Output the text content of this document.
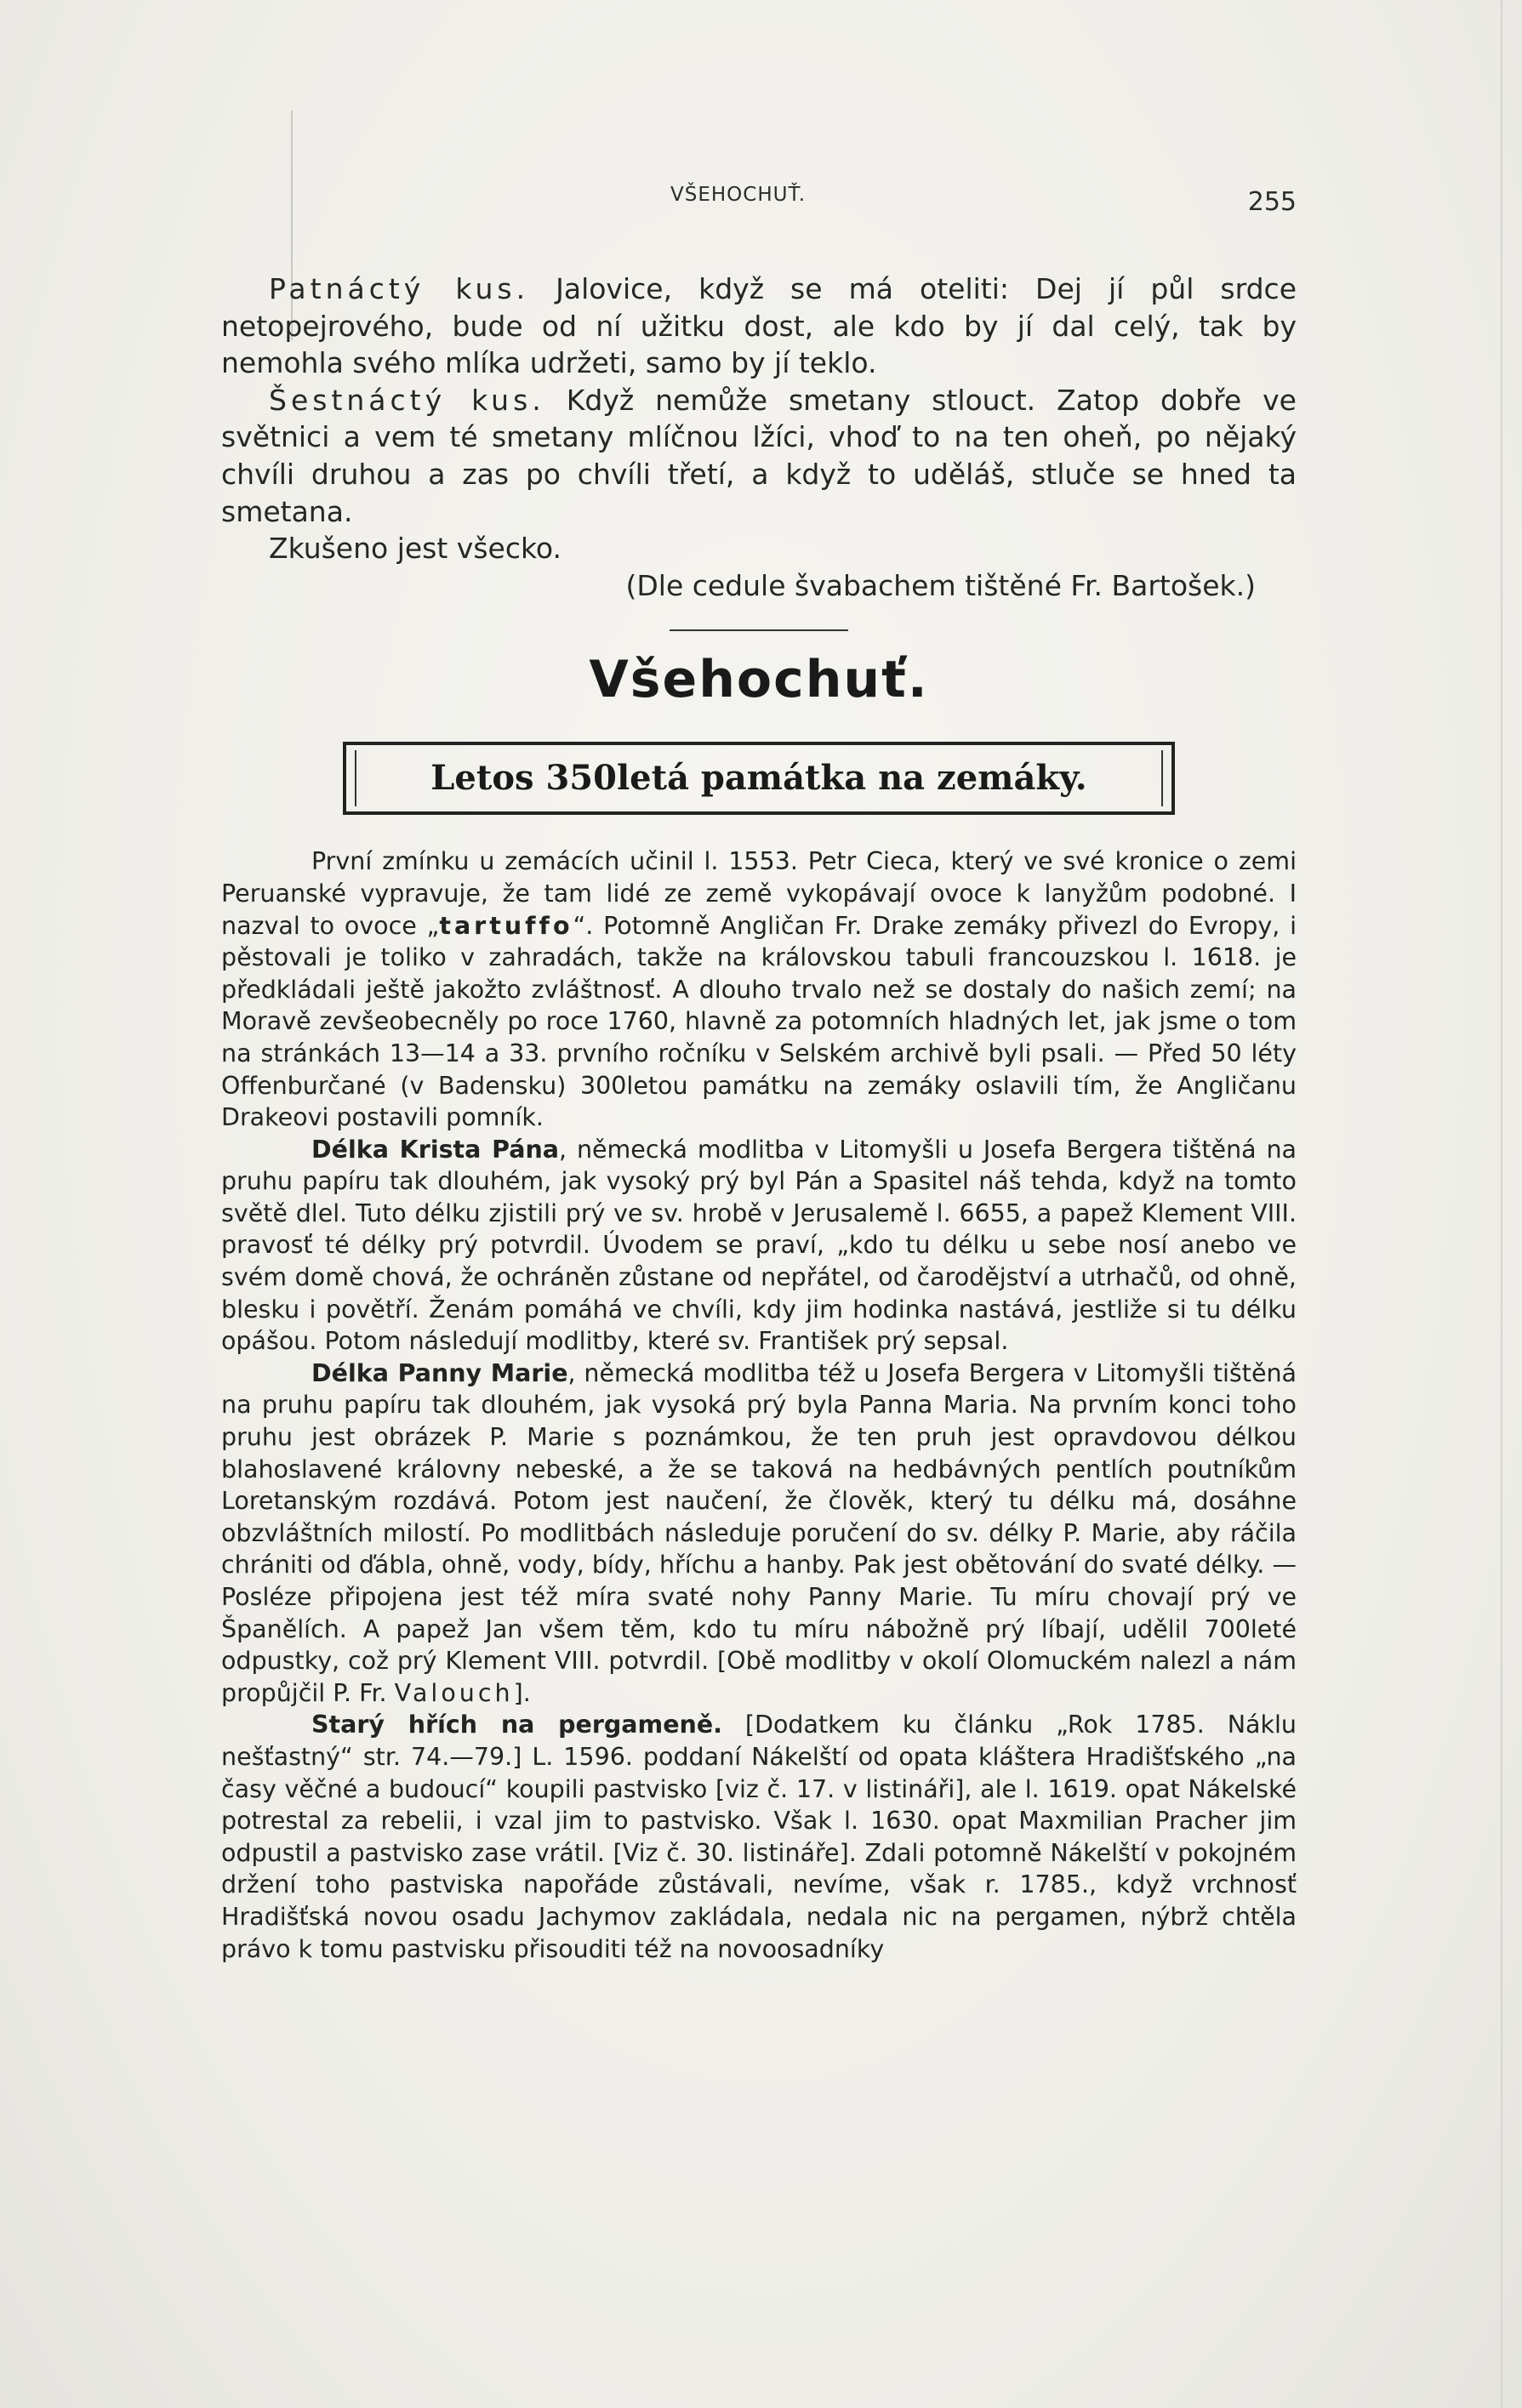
VŠEHOCHUŤ.	255

Patnáctý kus. Jalovice, když se má oteliti: Dej jí půl srdce netopejrového, bude od ní užitku dost, ale kdo by jí dal celý, tak by nemohla svého mlíka udržeti, samo by jí teklo.
Šestnáctý kus. Když nemůže smetany stlouct. Zatop dobře ve světnici a vem té smetany mlíčnou lžíci, vhoď to na ten oheň, po nějaký chvíli druhou a zas po chvíli třetí, a když to uděláš, stluče se hned ta smetana.
Zkušeno jest všecko.
(Dle cedule švabachem tištěné Fr. Bartošek.)

Všehochuť.
Letos 350letá památka na zemáky.

První zmínku u zemácích učinil l. 1553. Petr Cieca, který ve své kronice o zemi Peruanské vypravuje, že tam lidé ze země vykopávají ovoce k lanyžům podobné. I nazval to ovoce „tartuffo“. Potomně Angličan Fr. Drake zemáky přivezl do Evropy, i pěstovali je toliko v zahradách, takže na královskou tabuli francouzskou l. 1618. je předkládali ještě jakožto zvláštnosť. A dlouho trvalo než se dostaly do našich zemí; na Moravě zevšeobecněly po roce 1760, hlavně za potomních hladných let, jak jsme o tom na stránkách 13—14 a 33. prvního ročníku v Selském archivě byli psali. — Před 50 léty Offenburčané (v Badensku) 300letou památku na zemáky oslavili tím, že Angličanu Drakeovi postavili pomník.
Délka Krista Pána, německá modlitba v Litomyšli u Josefa Bergera tištěná na pruhu papíru tak dlouhém, jak vysoký prý byl Pán a Spasitel náš tehda, když na tomto světě dlel. Tuto délku zjistili prý ve sv. hrobě v Jerusalemě l. 6655, a papež Klement VIII. pravosť té délky prý potvrdil. Úvodem se praví, „kdo tu délku u sebe nosí anebo ve svém domě chová, že ochráněn zůstane od nepřátel, od čarodějství a utrhačů, od ohně, blesku i povětří. Ženám pomáhá ve chvíli, kdy jim hodinka nastává, jestliže si tu délku opášou. Potom následují modlitby, které sv. František prý sepsal.
Délka Panny Marie, německá modlitba též u Josefa Bergera v Litomyšli tištěná na pruhu papíru tak dlouhém, jak vysoká prý byla Panna Maria. Na prvním konci toho pruhu jest obrázek P. Marie s poznámkou, že ten pruh jest opravdovou délkou blahoslavené královny nebeské, a že se taková na hedbávných pentlích poutníkům Loretanským rozdává. Potom jest naučení, že člověk, který tu délku má, dosáhne obzvláštních milostí. Po modlitbách následuje poručení do sv. délky P. Marie, aby ráčila chrániti od ďábla, ohně, vody, bídy, hříchu a hanby. Pak jest obětování do svaté délky. — Posléze připojena jest též míra svaté nohy Panny Marie. Tu míru chovají prý ve Španělích. A papež Jan všem těm, kdo tu míru nábožně prý líbají, udělil 700leté odpustky, což prý Klement VIII. potvrdil. [Obě modlitby v okolí Olomuckém nalezl a nám propůjčil P. Fr. Valouch].
Starý hřích na pergameně. [Dodatkem ku článku „Rok 1785. Náklu nešťastný“ str. 74.—79.] L. 1596. poddaní Nákelští od opata kláštera Hradišťského „na časy věčné a budoucí“ koupili pastvisko [viz č. 17. v listináři], ale l. 1619. opat Nákelské potrestal za rebelii, i vzal jim to pastvisko. Však l. 1630. opat Maxmilian Pracher jim odpustil a pastvisko zase vrátil. [Viz č. 30. listináře]. Zdali potomně Nákelští v pokojném držení toho pastviska napořáde zůstávali, nevíme, však r. 1785., když vrchnosť Hradišťská novou osadu Jachymov zakládala, nedala nic na pergamen, nýbrž chtěla právo k tomu pastvisku přisouditi též na novoosadníky
